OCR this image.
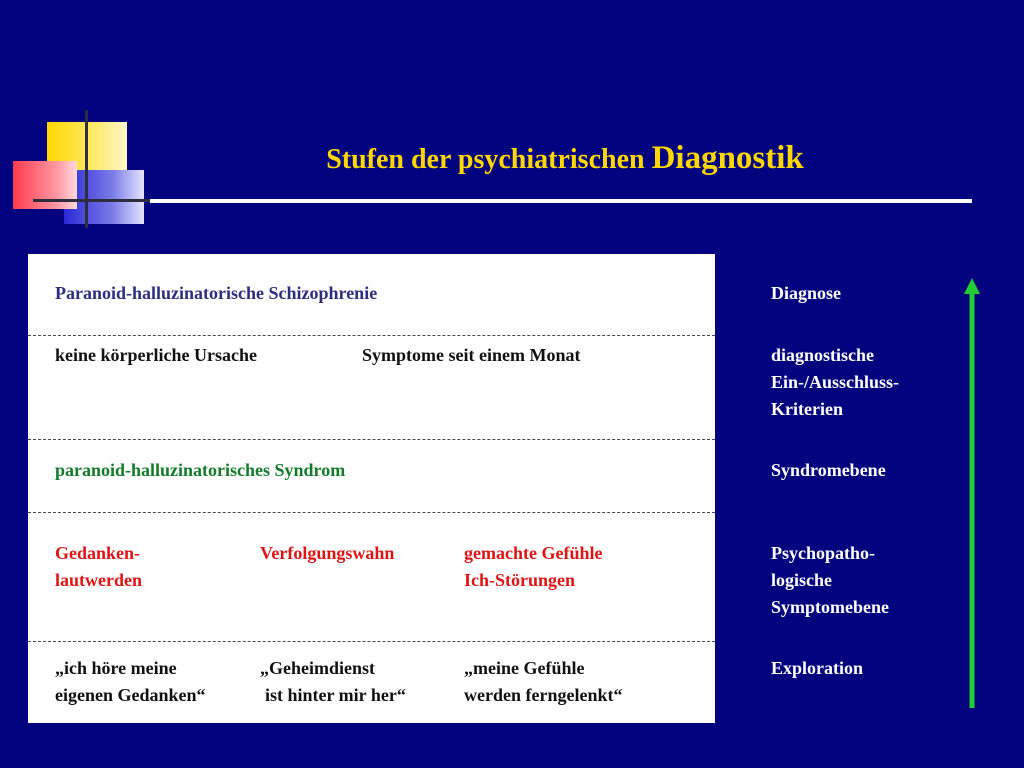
Stufen der psychiatrischen Diagnostik
Paranoid-halluzinatorische Schizophrenie
keine körperliche Ursache	Symptome seit einem Monat
paranoid-halluzinatorisches Syndrom
Gedanken-
lautwerden
Verfolgungswahn	gemachte Gefühle
Ich-Störungen
„ich höre meine
eigenen Gedanken“
„Geheimdienst
ist hinter mir her“
„meine Gefühle
werden ferngelenkt“
Diagnose
diagnostische
Ein-/Ausschluss-
Kriterien
Syndromebene
Psychopatho-
logische
Symptomebene
Exploration
